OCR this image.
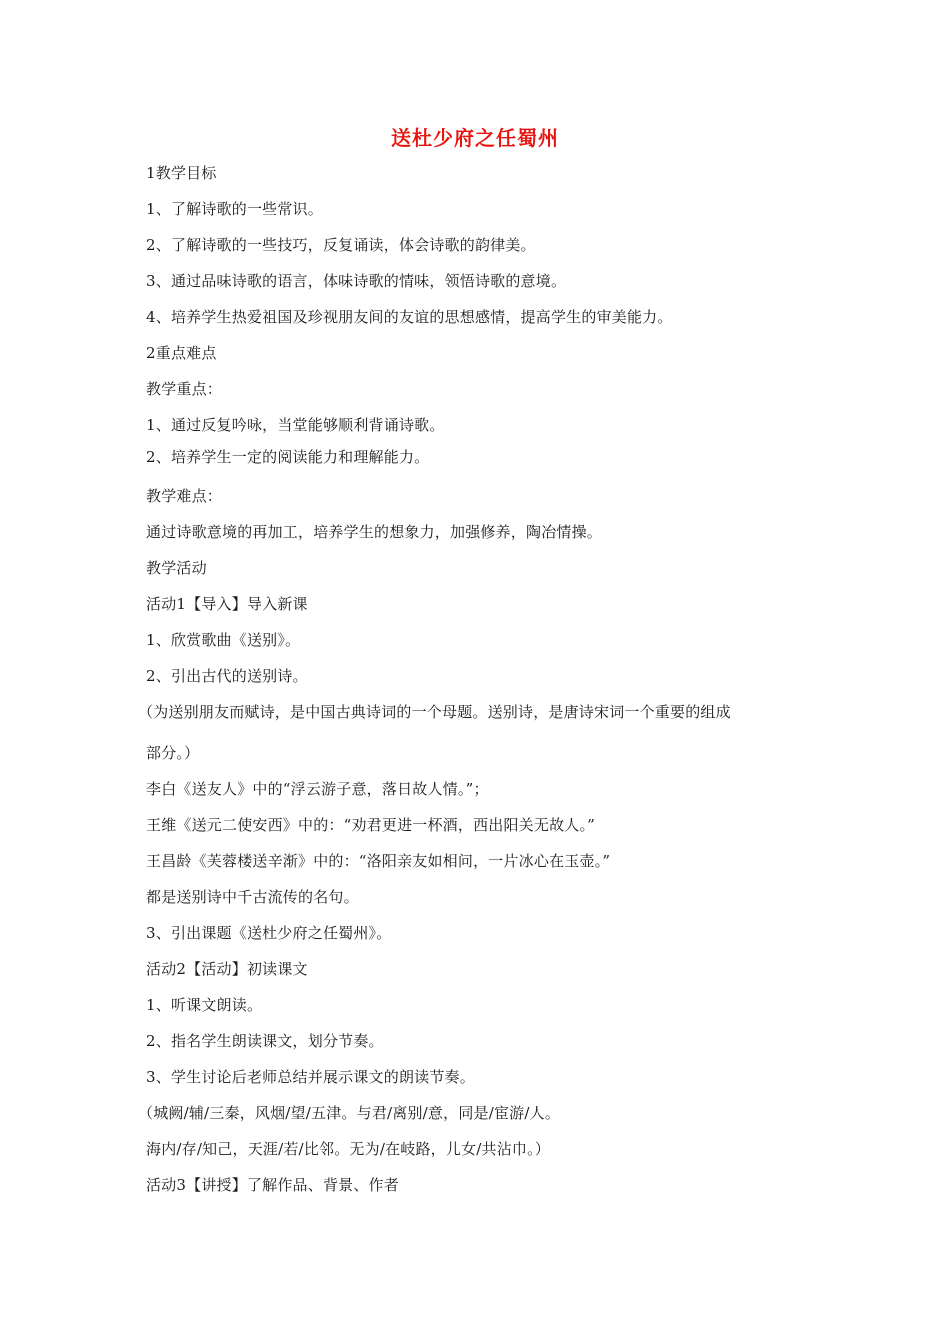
送杜少府之任蜀州
1教学目标
1、了解诗歌的一些常识。
2、了解诗歌的一些技巧，反复诵读，体会诗歌的韵律美。
3、通过品味诗歌的语言，体味诗歌的情味，领悟诗歌的意境。
4、培养学生热爱祖国及珍视朋友间的友谊的思想感情，提高学生的审美能力。
2重点难点
教学重点：
1、通过反复吟咏，当堂能够顺利背诵诗歌。
2、培养学生一定的阅读能力和理解能力。
教学难点：
通过诗歌意境的再加工，培养学生的想象力，加强修养，陶冶情操。
教学活动
活动1【导入】导入新课
1、欣赏歌曲《送别》。
2、引出古代的送别诗。
（为送别朋友而赋诗，是中国古典诗词的一个母题。送别诗，是唐诗宋词一个重要的组成
部分。）
李白《送友人》中的“浮云游子意，落日故人情。”；
王维《送元二使安西》中的：“劝君更进一杯酒，西出阳关无故人。”
王昌龄《芙蓉楼送辛渐》中的：“洛阳亲友如相问，一片冰心在玉壶。”
都是送别诗中千古流传的名句。
3、引出课题《送杜少府之任蜀州》。
活动2【活动】初读课文
1、听课文朗读。
2、指名学生朗读课文，划分节奏。
3、学生讨论后老师总结并展示课文的朗读节奏。
（城阙/辅/三秦，风烟/望/五津。与君/离别/意，同是/宦游/人。
海内/存/知己，天涯/若/比邻。无为/在岐路，儿女/共沾巾。）
活动3【讲授】了解作品、背景、作者
